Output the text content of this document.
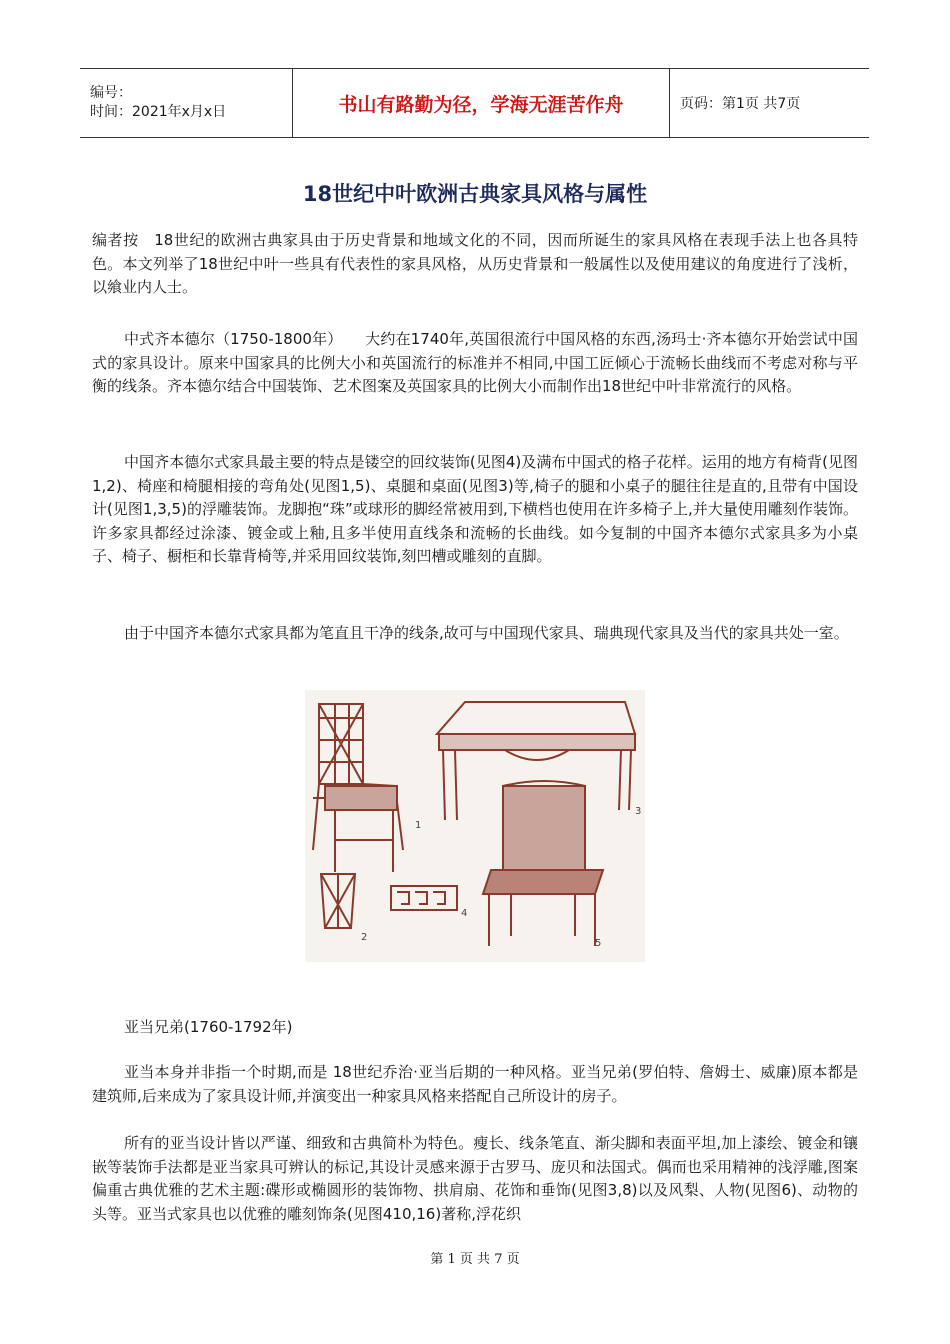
编号：
时间：2021年x月x日	书山有路勤为径，学海无涯苦作舟	页码：第1页 共7页
18世纪中叶欧洲古典家具风格与属性

编者按　18世纪的欧洲古典家具由于历史背景和地域文化的不同，因而所诞生的家具风格在表现手法上也各具特色。本文列举了18世纪中叶一些具有代表性的家具风格，从历史背景和一般属性以及使用建议的角度进行了浅析，以飨业内人士。

中式齐本德尔（1750-1800年）　　大约在1740年,英国很流行中国风格的东西,汤玛士·齐本德尔开始尝试中国式的家具设计。原来中国家具的比例大小和英国流行的标准并不相同,中国工匠倾心于流畅长曲线而不考虑对称与平衡的线条。齐本德尔结合中国装饰、艺术图案及英国家具的比例大小而制作出18世纪中叶非常流行的风格。

中国齐本德尔式家具最主要的特点是镂空的回纹装饰(见图4)及满布中国式的格子花样。运用的地方有椅背(见图1,2)、椅座和椅腿相接的弯角处(见图1,5)、桌腿和桌面(见图3)等,椅子的腿和小桌子的腿往往是直的,且带有中国设计(见图1,3,5)的浮雕装饰。龙脚抱“珠”或球形的脚经常被用到,下横档也使用在许多椅子上,并大量使用雕刻作装饰。许多家具都经过涂漆、镀金或上釉,且多半使用直线条和流畅的长曲线。如今复制的中国齐本德尔式家具多为小桌子、椅子、橱柜和长靠背椅等,并采用回纹装饰,刻凹槽或雕刻的直脚。

由于中国齐本德尔式家具都为笔直且干净的线条,故可与中国现代家具、瑞典现代家具及当代的家具共处一室。

1
2
3
4
5

亚当兄弟(1760-1792年)

亚当本身并非指一个时期,而是 18世纪乔治·亚当后期的一种风格。亚当兄弟(罗伯特、詹姆士、威廉)原本都是建筑师,后来成为了家具设计师,并演变出一种家具风格来搭配自己所设计的房子。

所有的亚当设计皆以严谨、细致和古典简朴为特色。瘦长、线条笔直、渐尖脚和表面平坦,加上漆绘、镀金和镶嵌等装饰手法都是亚当家具可辨认的标记,其设计灵感来源于古罗马、庞贝和法国式。偶而也采用精神的浅浮雕,图案偏重古典优雅的艺术主题:碟形或椭圆形的装饰物、拱肩扇、花饰和垂饰(见图3,8)以及风梨、人物(见图6)、动物的头等。亚当式家具也以优雅的雕刻饰条(见图410,16)著称,浮花织

第 1 页 共 7 页
